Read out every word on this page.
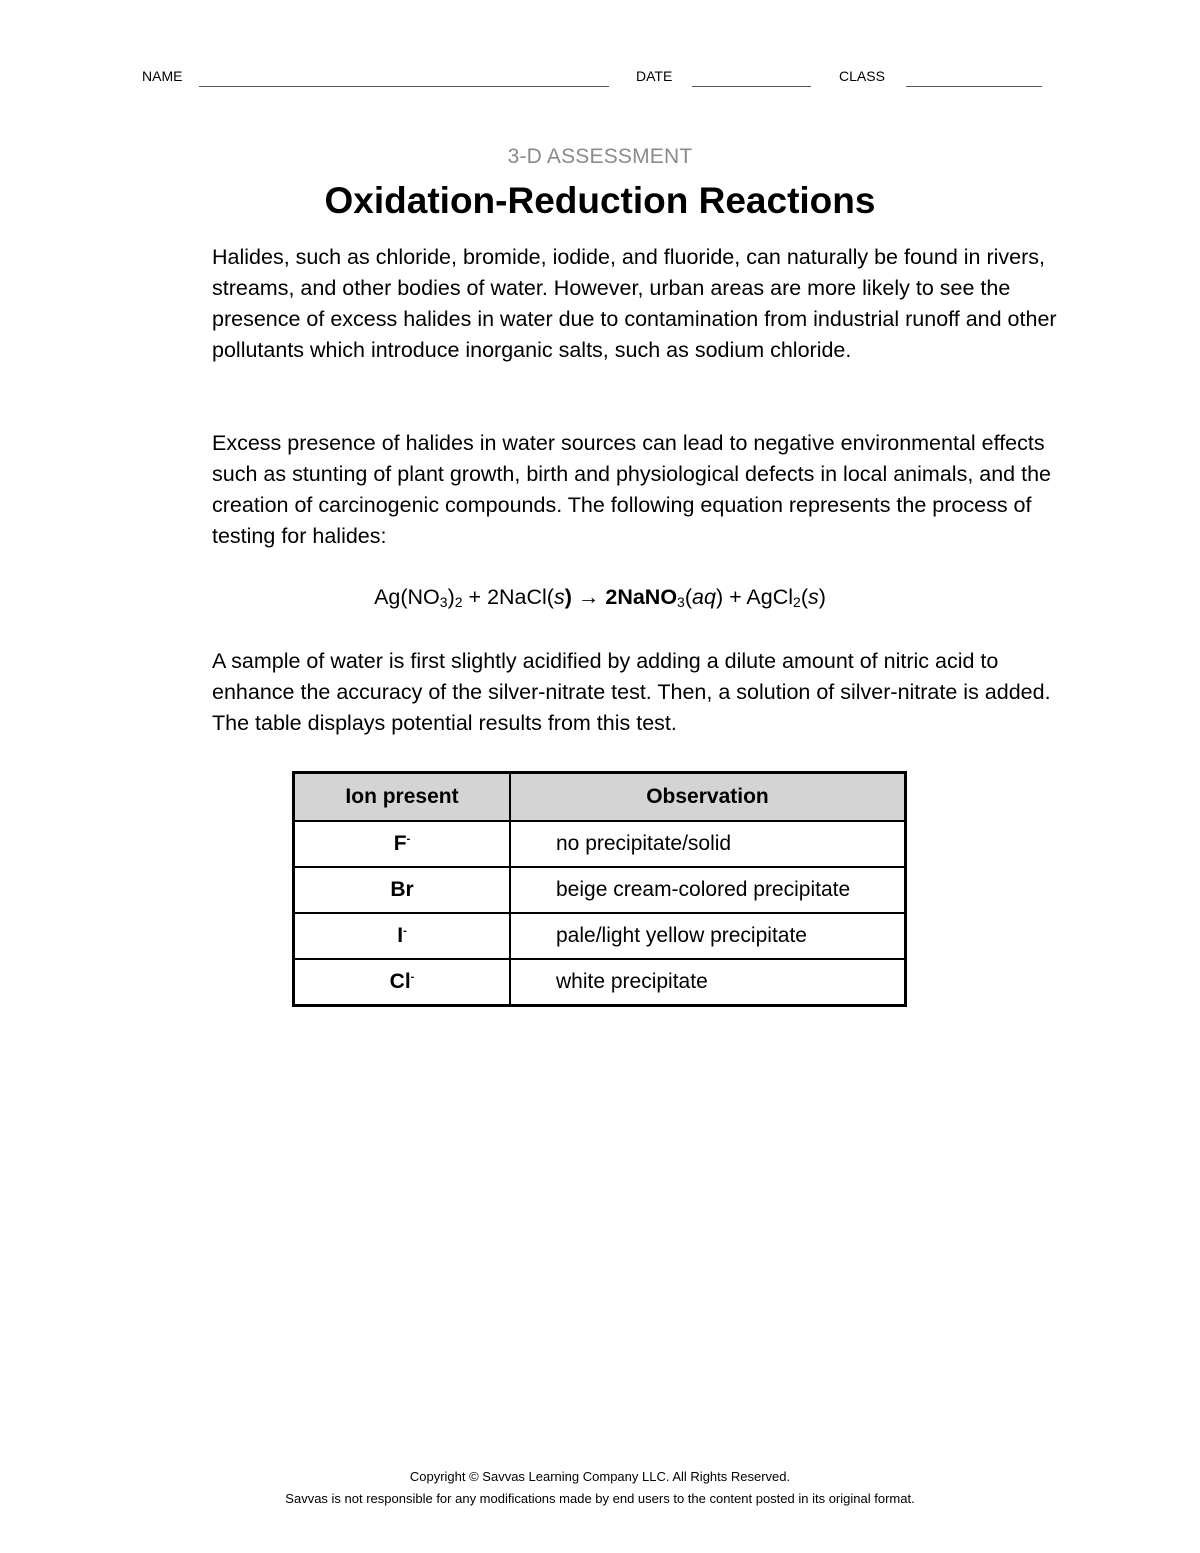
NAME	DATE	CLASS
3-D ASSESSMENT
Oxidation-Reduction Reactions

Halides, such as chloride, bromide, iodide, and fluoride, can naturally be found in rivers, streams, and other bodies of water. However, urban areas are more likely to see the presence of excess halides in water due to contamination from industrial runoff and other pollutants which introduce inorganic salts, such as sodium chloride.

Excess presence of halides in water sources can lead to negative environmental effects such as stunting of plant growth, birth and physiological defects in local animals, and the creation of carcinogenic compounds. The following equation represents the process of testing for halides:

$Ag(NO_3)_2$ + 2NaCl(s) → 2NaNO$_3$(aq) + AgCl$_2$(s)

A sample of water is first slightly acidified by adding a dilute amount of nitric acid to enhance the accuracy of the silver-nitrate test. Then, a solution of silver-nitrate is added. The table displays potential results from this test.

Ion present	Observation
F-	no precipitate/solid
Br	beige cream-colored precipitate
I-	pale/light yellow precipitate
Cl-	white precipitate
Copyright © Savvas Learning Company LLC. All Rights Reserved.
Savvas is not responsible for any modifications made by end users to the content posted in its original format.
